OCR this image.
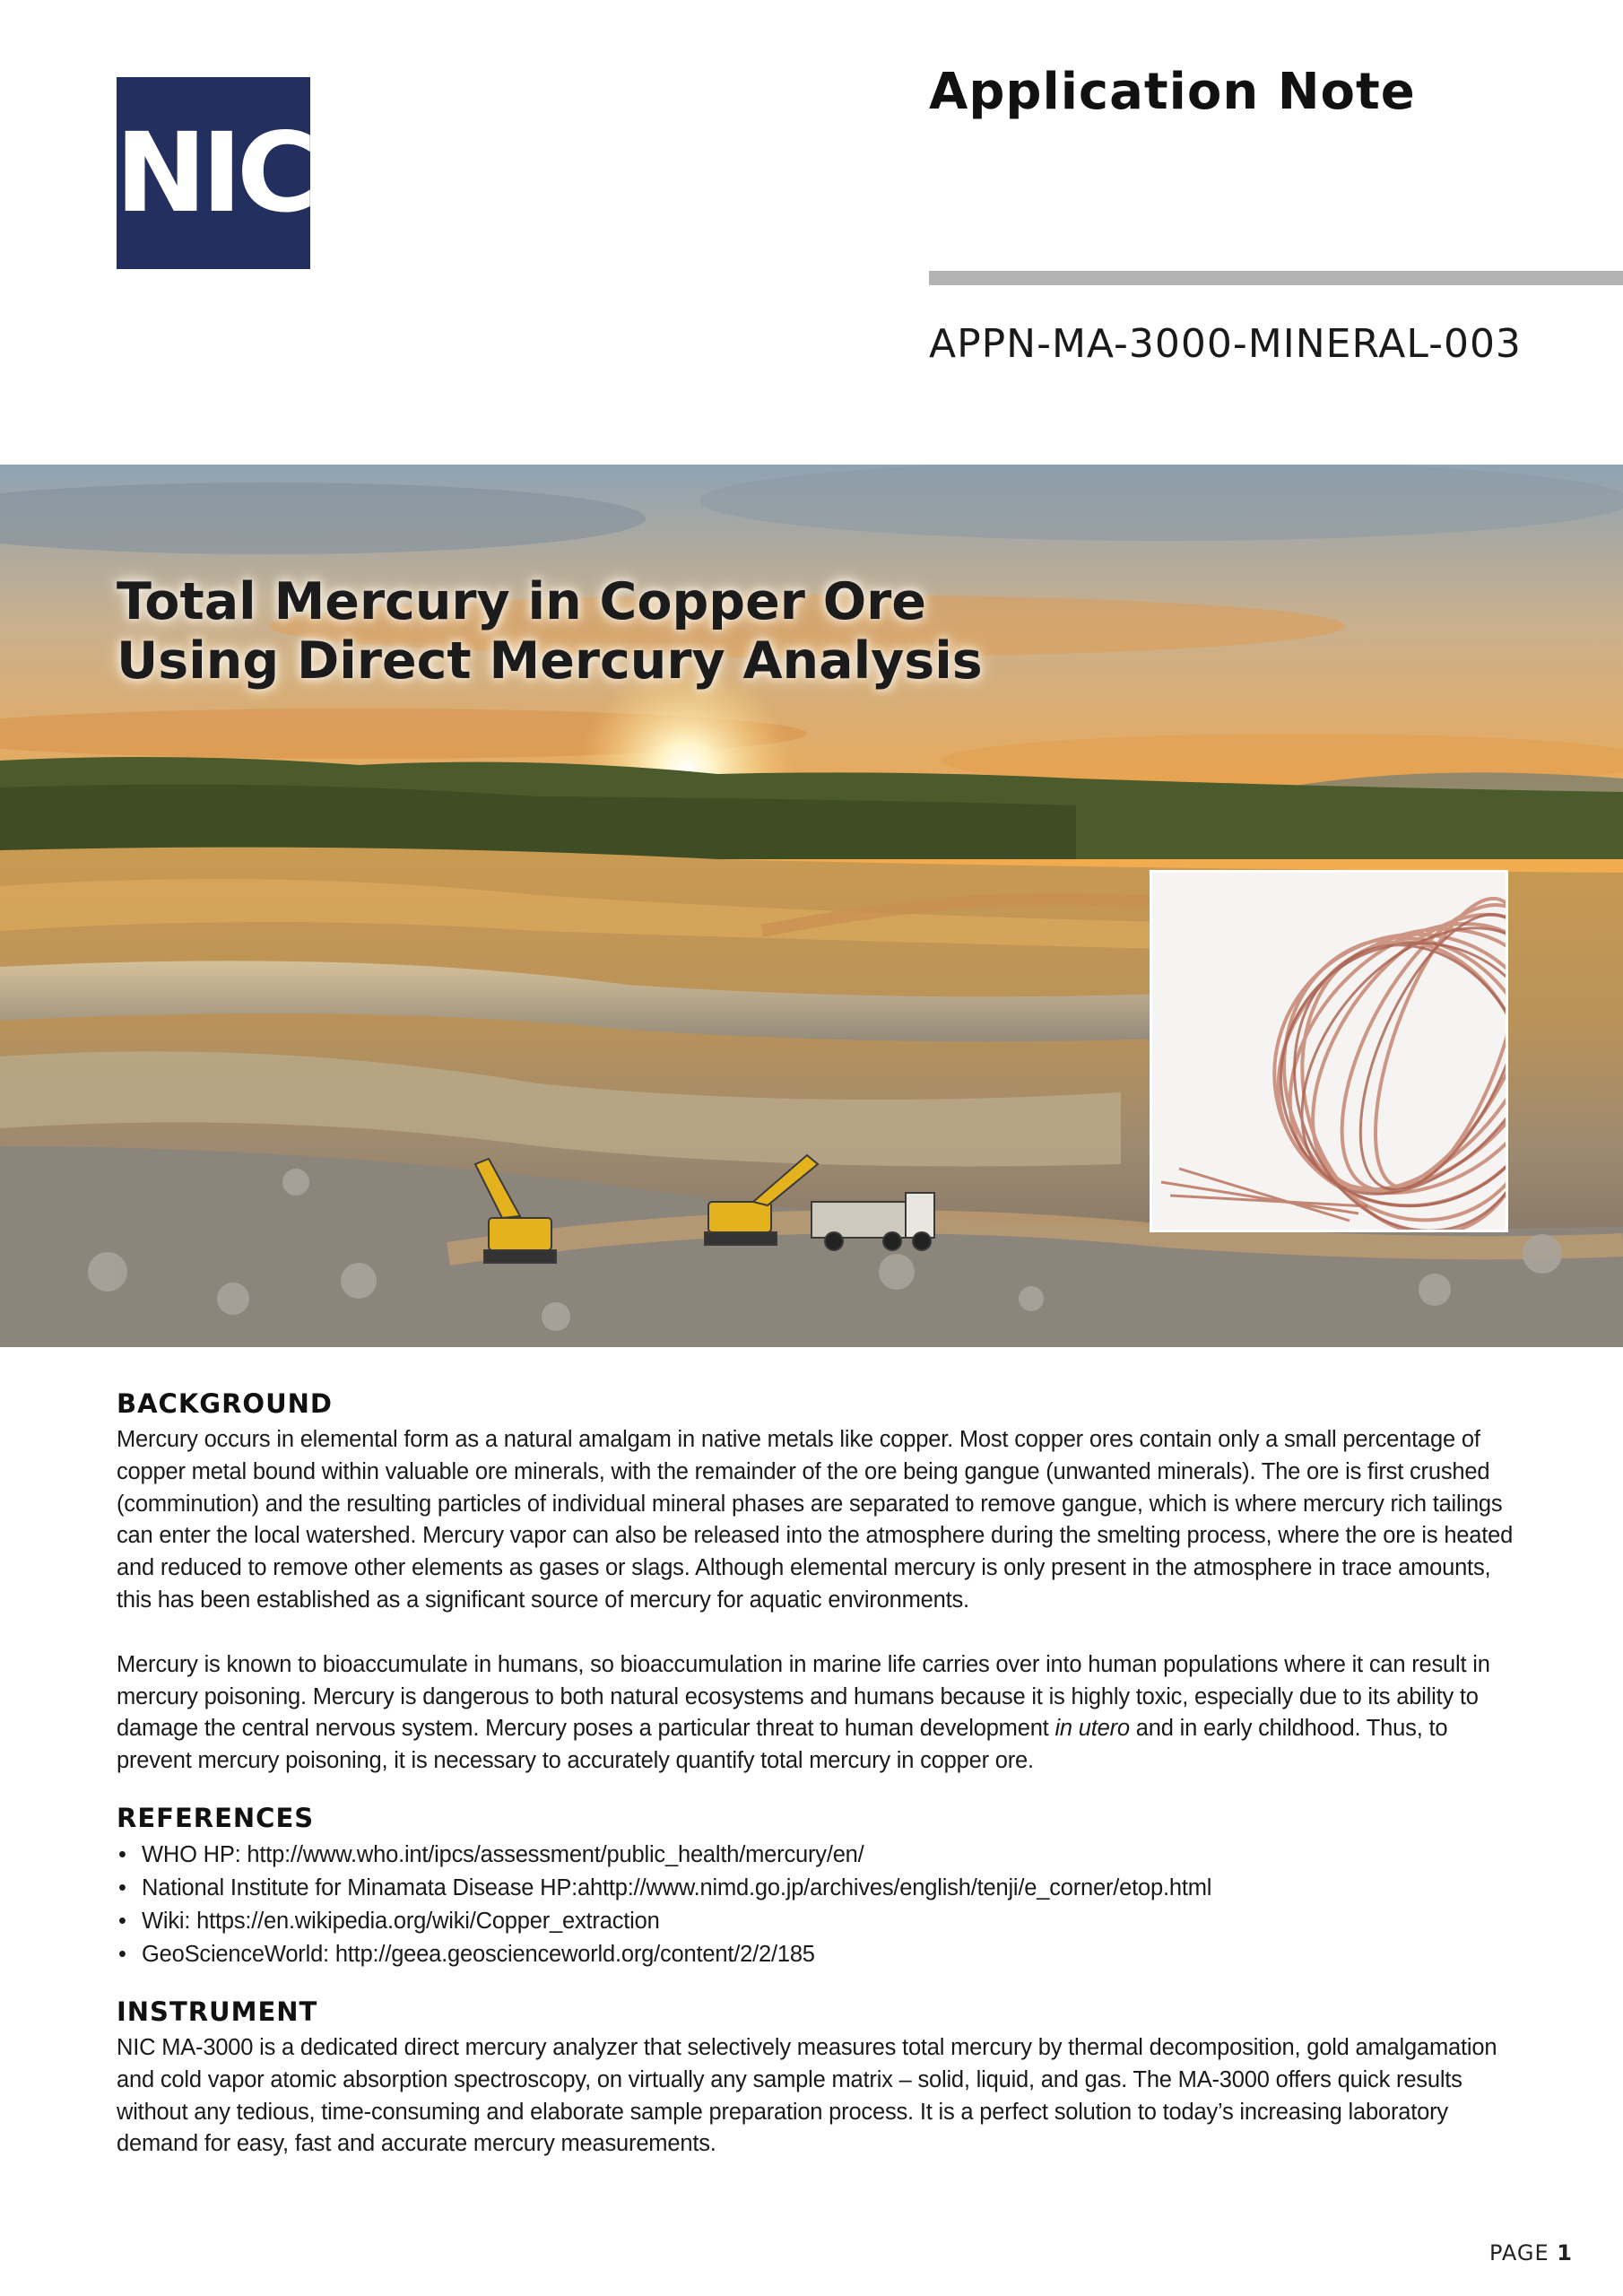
NIC
Application Note
APPN-MA-3000-MINERAL-003
Total Mercury in Copper Ore
Using Direct Mercury Analysis
BACKGROUND

Mercury occurs in elemental form as a natural amalgam in native metals like copper. Most copper ores contain only a small percentage of copper metal bound within valuable ore minerals, with the remainder of the ore being gangue (unwanted minerals). The ore is first crushed (comminution) and the resulting particles of individual mineral phases are separated to remove gangue, which is where mercury rich tailings can enter the local watershed. Mercury vapor can also be released into the atmosphere during the smelting process, where the ore is heated and reduced to remove other elements as gases or slags. Although elemental mercury is only present in the atmosphere in trace amounts, this has been established as a significant source of mercury for aquatic environments.

Mercury is known to bioaccumulate in humans, so bioaccumulation in marine life carries over into human populations where it can result in mercury poisoning. Mercury is dangerous to both natural ecosystems and humans because it is highly toxic, especially due to its ability to damage the central nervous system. Mercury poses a particular threat to human development in utero and in early childhood. Thus, to prevent mercury poisoning, it is necessary to accurately quantify total mercury in copper ore.

REFERENCES
• WHO HP: http://www.who.int/ipcs/assessment/public_health/mercury/en/
• National Institute for Minamata Disease HP:ahttp://www.nimd.go.jp/archives/english/tenji/e_corner/etop.html
• Wiki: https://en.wikipedia.org/wiki/Copper_extraction
• GeoScienceWorld: http://geea.geoscienceworld.org/content/2/2/185
INSTRUMENT

NIC MA-3000 is a dedicated direct mercury analyzer that selectively measures total mercury by thermal decomposition, gold amalgamation and cold vapor atomic absorption spectroscopy, on virtually any sample matrix – solid, liquid, and gas. The MA-3000 offers quick results without any tedious, time-consuming and elaborate sample preparation process. It is a perfect solution to today’s increasing laboratory demand for easy, fast and accurate mercury measurements.

PAGE 1
